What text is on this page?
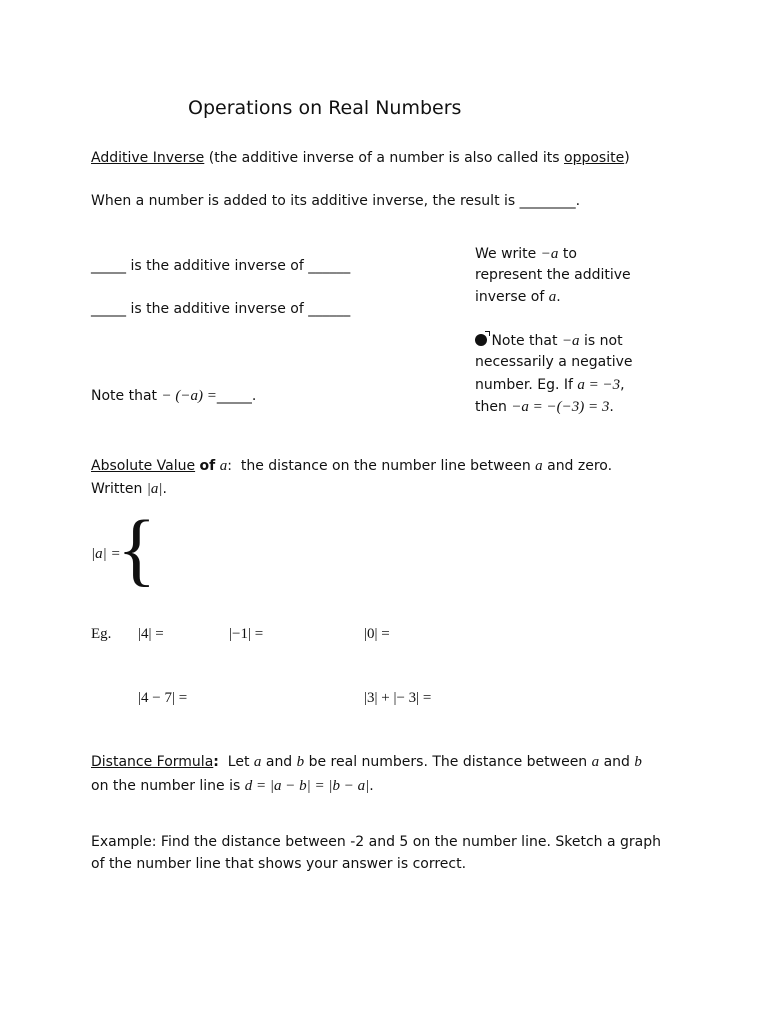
Operations on Real Numbers
Additive Inverse (the additive inverse of a number is also called its opposite)
When a number is added to its additive inverse, the result is ________.
_____ is the additive inverse of ______
_____ is the additive inverse of ______
Note that − (−a) =_____.
We write −a to
represent the additive
inverse of a.
Note that −a is not
necessarily a negative
number. Eg. If a = −3,
then −a = −(−3) = 3.
Absolute Value of a: the distance on the number line between a and zero.
Written |a|.
|a| =
{
Eg. |4| =	|−1| =	|0| =
|4 − 7| =	|3| + |− 3| =
Distance Formula: Let a and b be real numbers. The distance between a and b
on the number line is d = |a − b| = |b − a|.
Example: Find the distance between -2 and 5 on the number line. Sketch a graph
of the number line that shows your answer is correct.
